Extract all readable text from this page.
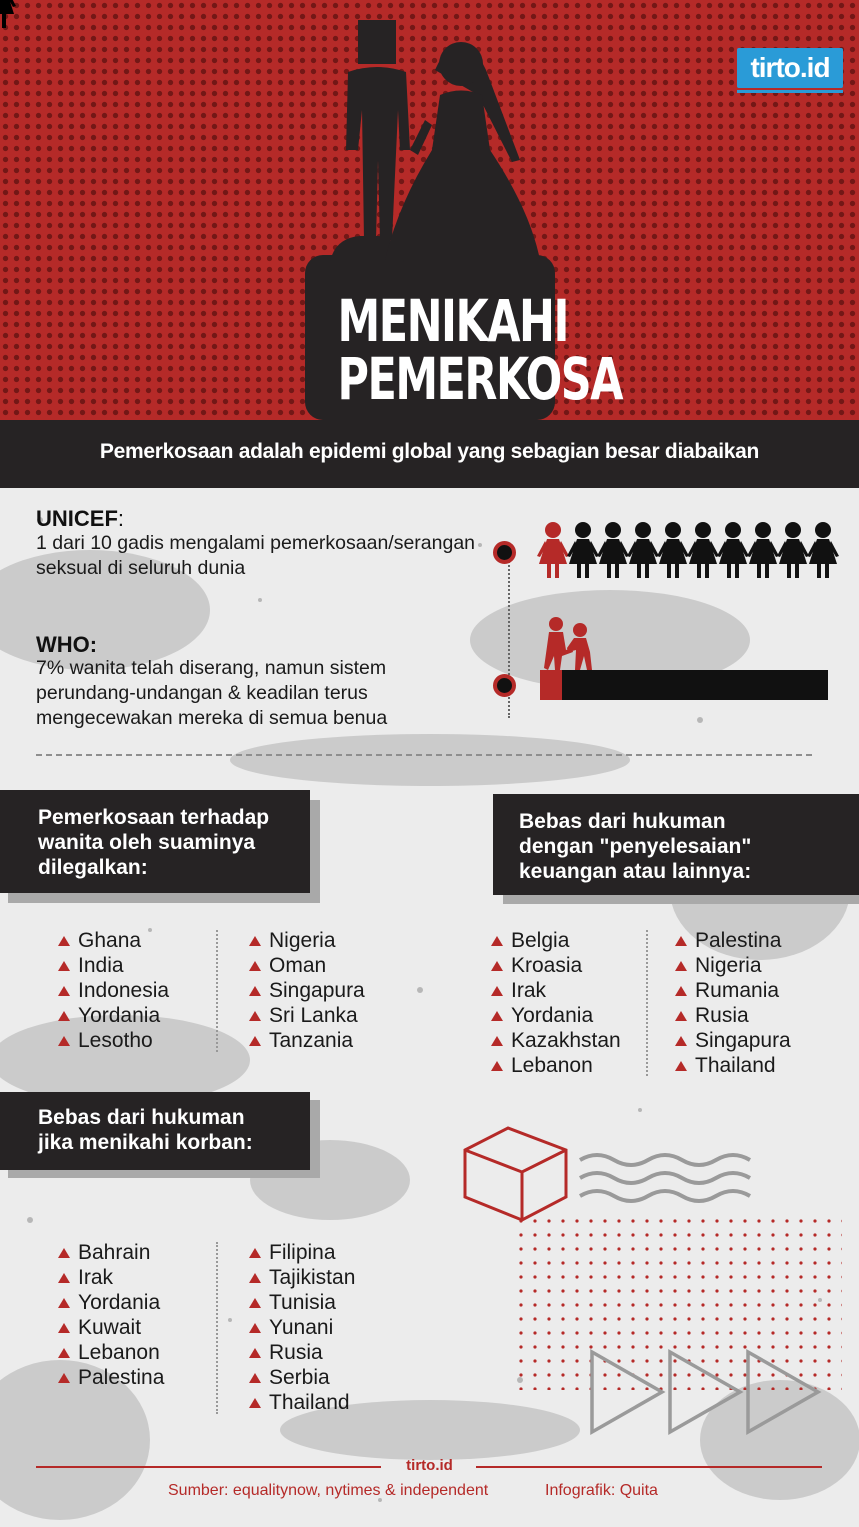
MENIKAHI
PEMERKOSA
tirto.id
Pemerkosaan adalah epidemi global yang sebagian besar diabaikan
UNICEF:
1 dari 10 gadis mengalami pemerkosaan/serangan seksual di seluruh dunia
WHO:
7% wanita telah diserang, namun sistem perundang-undangan & keadilan terus mengecewakan mereka di semua benua
Pemerkosaan terhadap
wanita oleh suaminya
dilegalkan:
Ghana
India
Indonesia
Yordania
Lesotho
Nigeria
Oman
Singapura
Sri Lanka
Tanzania
Bebas dari hukuman
dengan "penyelesaian"
keuangan atau lainnya:
Belgia
Kroasia
Irak
Yordania
Kazakhstan
Lebanon
Palestina
Nigeria
Rumania
Rusia
Singapura
Thailand
Bebas dari hukuman
jika menikahi korban:
Bahrain
Irak
Yordania
Kuwait
Lebanon
Palestina
Filipina
Tajikistan
Tunisia
Yunani
Rusia
Serbia
Thailand
tirto.id
Sumber: equalitynow, nytimes & independent	Infografik: Quita
